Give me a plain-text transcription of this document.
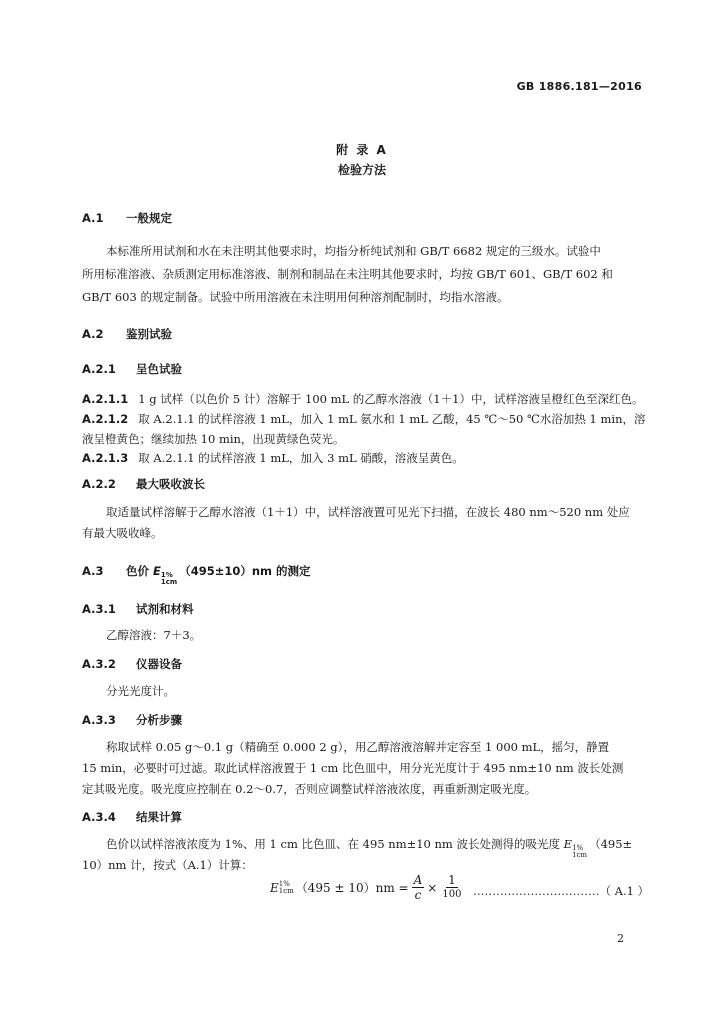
GB 1886.181—2016
附 录 A
检验方法
A.1 一般规定
本标准所用试剂和水在未注明其他要求时，均指分析纯试剂和 GB/T 6682 规定的三级水。试验中
所用标准溶液、杂质测定用标准溶液、制剂和制品在未注明其他要求时，均按 GB/T 601、GB/T 602 和
GB/T 603 的规定制备。试验中所用溶液在未注明用何种溶剂配制时，均指水溶液。
A.2 鉴别试验
A.2.1 呈色试验
A.2.1.1 1 g 试样（以色价 5 计）溶解于 100 mL 的乙醇水溶液（1＋1）中，试样溶液呈橙红色至深红色。
A.2.1.2 取 A.2.1.1 的试样溶液 1 mL，加入 1 mL 氨水和 1 mL 乙酸，45 ℃～50 ℃水浴加热 1 min，溶
液呈橙黄色；继续加热 10 min，出现黄绿色荧光。
A.2.1.3 取 A.2.1.1 的试样溶液 1 mL，加入 3 mL 硝酸，溶液呈黄色。
A.2.2 最大吸收波长
取适量试样溶解于乙醇水溶液（1＋1）中，试样溶液置可见光下扫描，在波长 480 nm～520 nm 处应
有最大吸收峰。
A.3 色价 E 1%
1cm
（495±10）nm 的测定
A.3.1 试剂和材料
乙醇溶液：7＋3。
A.3.2 仪器设备
分光光度计。
A.3.3 分析步骤
称取试样 0.05 g～0.1 g（精确至 0.000 2 g），用乙醇溶液溶解并定容至 1 000 mL，摇匀，静置
15 min，必要时可过滤。取此试样溶液置于 1 cm 比色皿中，用分光光度计于 495 nm±10 nm 波长处测
定其吸光度。吸光度应控制在 0.2～0.7，否则应调整试样溶液浓度，再重新测定吸光度。
A.3.4 结果计算
色价以试样溶液浓度为 1%、用 1 cm 比色皿、在 495 nm±10 nm 波长处测得的吸光度 E 1%
1cm
（495±
10）nm 计，按式（A.1）计算：
E 1%
1cm $(495 \pm 10)nm = \frac{A}{c} \times \frac{1}{100}$ ……………………………（ A.1 ）
2
